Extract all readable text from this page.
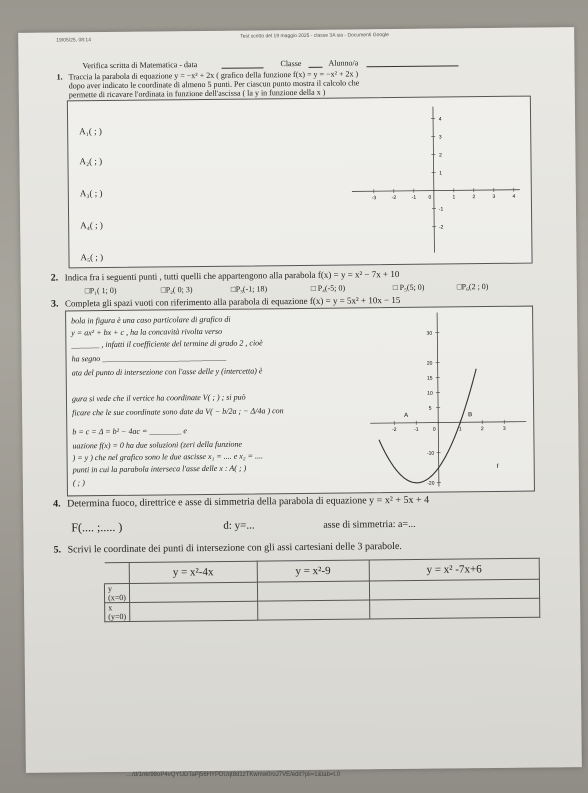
19/05/25, 08:14
Test scritto del 19 maggio 2025 - classe 3A sia - Documenti Google
Verifica scritta di Matematica - data	Classe	Alunno/a
1. Traccia la parabola di equazione y = −x² + 2x ( grafico della funzione f(x) = y = −x² + 2x )
dopo aver indicato le coordinate di almeno 5 punti. Per ciascun punto mostra il calcolo che
permette di ricavare l'ordinata in funzione dell'ascissa ( la y in funzione della x )
A₁( ; )
A₂( ; )
A₃( ; )
A₄( ; )
A₅( ; )
-3	-2	-1 0	1	2	3	4
4
3
2
1
-1
-2
2. Indica fra i seguenti punti , tutti quelli che appartengono alla parabola f(x) = y = x² − 7x + 10
□P₁( 1; 0)	□P₂( 0; 3)	□P₃(-1; 18)	□ P₄(-5; 0)	□ P₅(5; 0)	□P₆(2 ; 0)
3. Completa gli spazi vuoti con riferimento alla parabola di equazione f(x) = y = 5x² + 10x − 15
bola in figura è una caso particolare di grafico di
y = ax² + bx + c , ha la concavità rivolta verso
_______ , infatti il coefficiente del termine di grado 2 , cioè
ha segno _______________________________
ata del punto di intersezione con l'asse delle y (intercetta) è
gura si vede che il vertice ha coordinate V( ; ) ; si può
ficare che le sue coordinate sono date da V( − b/2a ; − Δ/4a ) con
b = c = Δ = b² − 4ac = ________ e
uazione f(x) = 0 ha due soluzioni (zeri della funzione
) = y ) che nel grafico sono le due ascisse x₁ = .... e x₂ = ....
punti in cui la parabola interseca l'asse delle x : A( ; )
( ; )
-2	-1	0	1	2	3
30
20
15
10
5
-10
-20
A	B
f
4. Determina fuoco, direttrice e asse di simmetria della parabola di equazione y = x² + 5x + 4
F(.... ;..... )	d: y=...	asse di simmetria: a=...
5. Scrivi le coordinate dei punti di intersezione con gli assi cartesiani delle 3 parabole.
	y = x²-4x	y = x²-9	y = x² -7x+6
y (x=0)			
x (y=0)			
…/d/1nkr98oP4vQYfJDTaPj56HYPDUqt8d1zTKwmw0roJ7VE/edit?pli=1&tab=t.0
